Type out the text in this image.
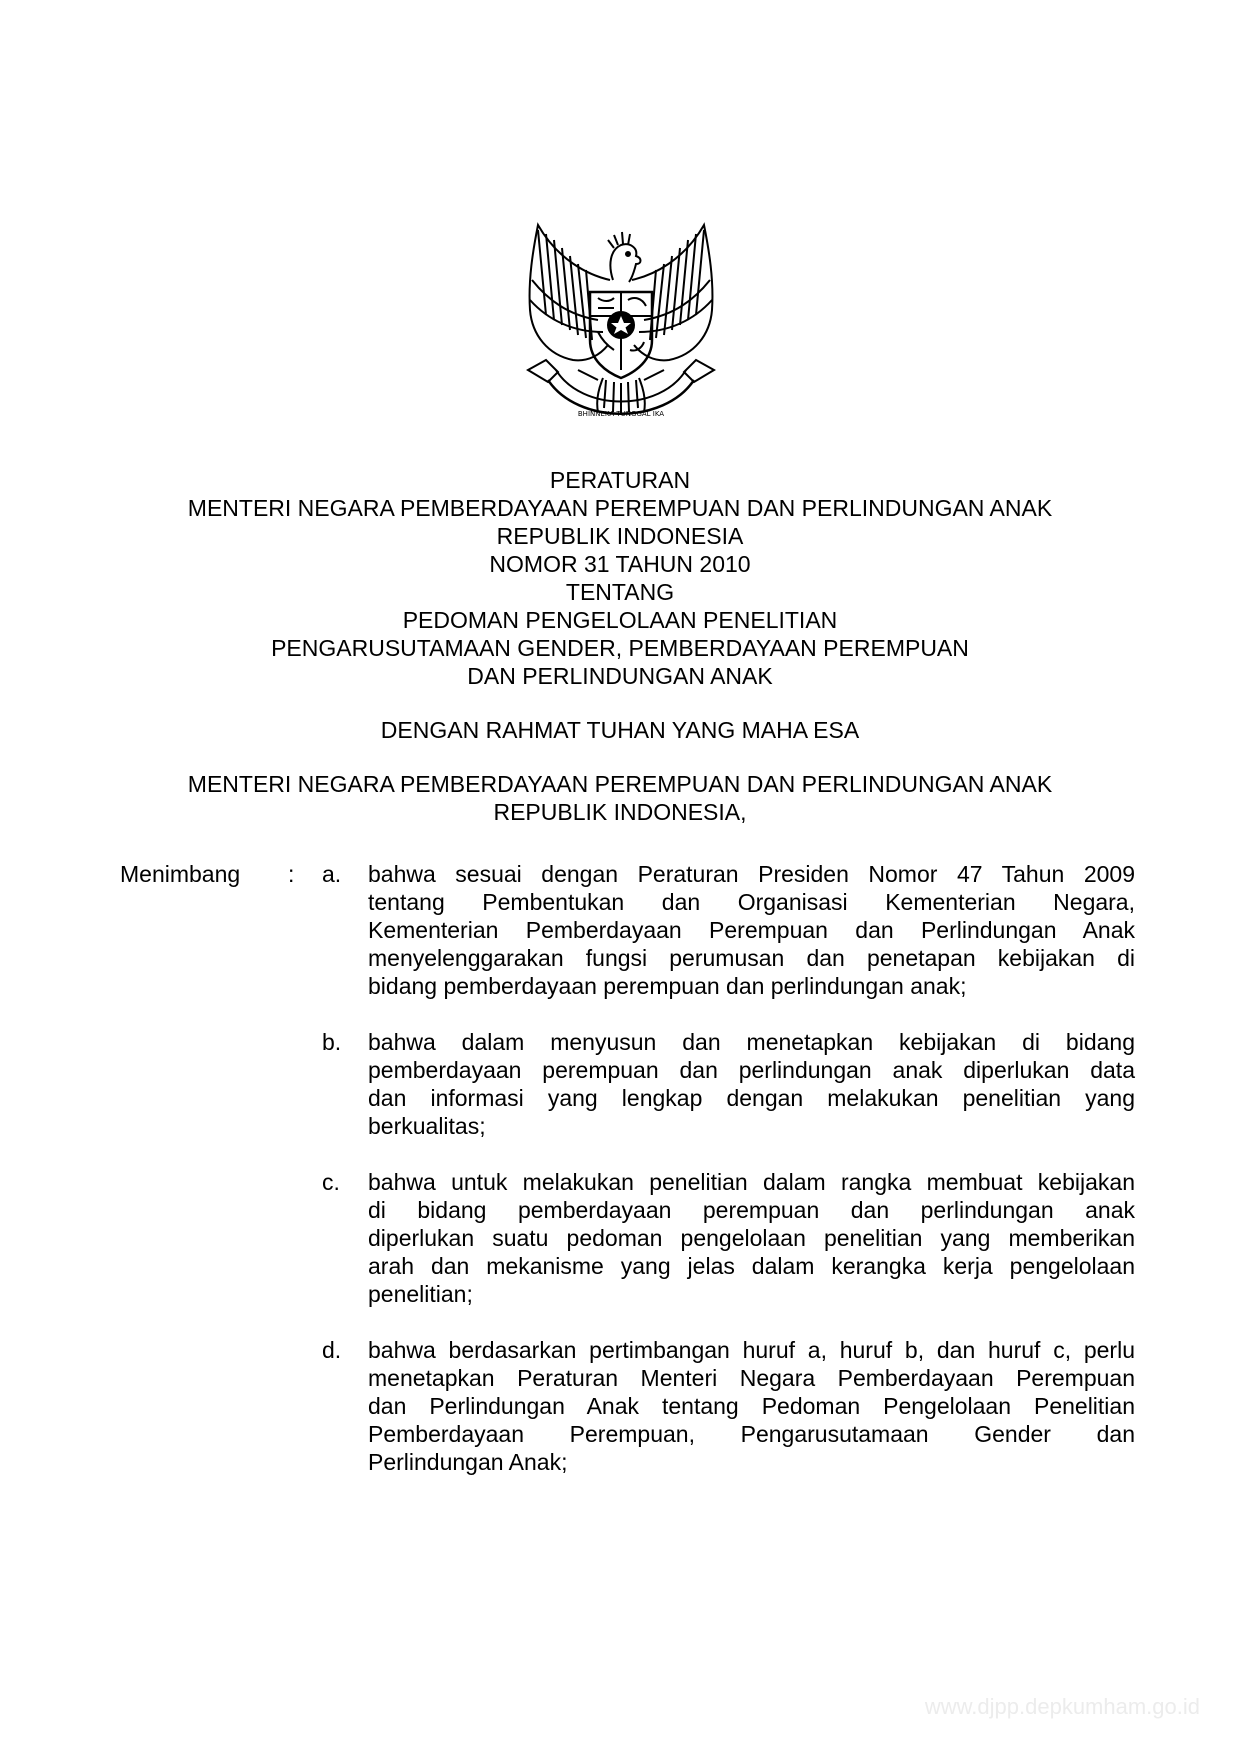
BHINNEKA TUNGGAL IKA
PERATURAN
MENTERI NEGARA PEMBERDAYAAN PEREMPUAN DAN PERLINDUNGAN ANAK
REPUBLIK INDONESIA
NOMOR 31 TAHUN 2010
TENTANG
PEDOMAN PENGELOLAAN PENELITIAN
PENGARUSUTAMAAN GENDER, PEMBERDAYAAN PEREMPUAN
DAN PERLINDUNGAN ANAK
DENGAN RAHMAT TUHAN YANG MAHA ESA
MENTERI NEGARA PEMBERDAYAAN PEREMPUAN DAN PERLINDUNGAN ANAK
REPUBLIK INDONESIA,
Menimbang : a. bahwa sesuai dengan Peraturan Presiden Nomor 47 Tahun 2009
tentang Pembentukan dan Organisasi Kementerian Negara,
Kementerian Pemberdayaan Perempuan dan Perlindungan Anak
menyelenggarakan fungsi perumusan dan penetapan kebijakan di
bidang pemberdayaan perempuan dan perlindungan anak;
b. bahwa dalam menyusun dan menetapkan kebijakan di bidang
pemberdayaan perempuan dan perlindungan anak diperlukan data
dan informasi yang lengkap dengan melakukan penelitian yang
berkualitas;
c. bahwa untuk melakukan penelitian dalam rangka membuat kebijakan
di bidang pemberdayaan perempuan dan perlindungan anak
diperlukan suatu pedoman pengelolaan penelitian yang memberikan
arah dan mekanisme yang jelas dalam kerangka kerja pengelolaan
penelitian;
d. bahwa berdasarkan pertimbangan huruf a, huruf b, dan huruf c, perlu
menetapkan Peraturan Menteri Negara Pemberdayaan Perempuan
dan Perlindungan Anak tentang Pedoman Pengelolaan Penelitian
Pemberdayaan Perempuan, Pengarusutamaan Gender dan
Perlindungan Anak;
www.djpp.depkumham.go.id
